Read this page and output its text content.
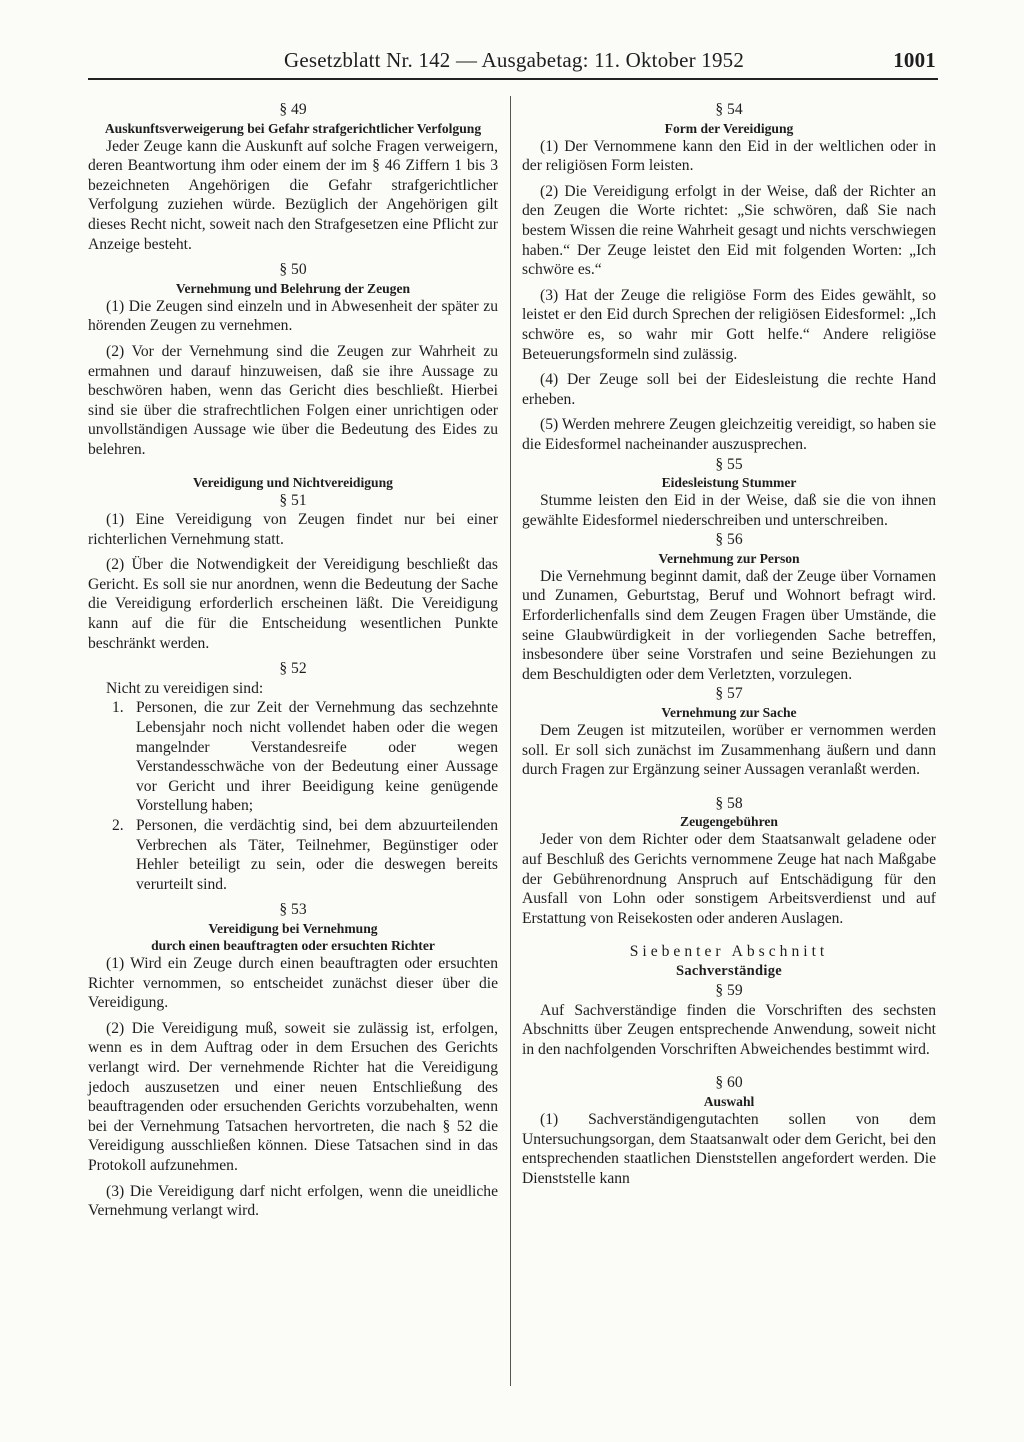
Gesetzblatt Nr. 142 — Ausgabetag: 11. Oktober 1952	1001

§ 49

Auskunftsverweigerung bei Gefahr strafgerichtlicher Verfolgung

Jeder Zeuge kann die Auskunft auf solche Fragen verweigern, deren Beantwortung ihm oder einem der im § 46 Ziffern 1 bis 3 bezeichneten Angehörigen die Gefahr strafgerichtlicher Verfolgung zuziehen würde. Bezüglich der Angehörigen gilt dieses Recht nicht, soweit nach den Strafgesetzen eine Pflicht zur Anzeige besteht.

§ 50

Vernehmung und Belehrung der Zeugen

(1) Die Zeugen sind einzeln und in Abwesenheit der später zu hörenden Zeugen zu vernehmen.

(2) Vor der Vernehmung sind die Zeugen zur Wahrheit zu ermahnen und darauf hinzuweisen, daß sie ihre Aussage zu beschwören haben, wenn das Gericht dies beschließt. Hierbei sind sie über die strafrechtlichen Folgen einer unrichtigen oder unvollständigen Aussage wie über die Bedeutung des Eides zu belehren.

Vereidigung und Nichtvereidigung

§ 51

(1) Eine Vereidigung von Zeugen findet nur bei einer richterlichen Vernehmung statt.

(2) Über die Notwendigkeit der Vereidigung beschließt das Gericht. Es soll sie nur anordnen, wenn die Bedeutung der Sache die Vereidigung erforderlich erscheinen läßt. Die Vereidigung kann auf die für die Entscheidung wesentlichen Punkte beschränkt werden.

§ 52

Nicht zu vereidigen sind:

1. Personen, die zur Zeit der Vernehmung das sechzehnte Lebensjahr noch nicht vollendet haben oder die wegen mangelnder Verstandesreife oder wegen Verstandesschwäche von der Bedeutung einer Aussage vor Gericht und ihrer Beeidigung keine genügende Vorstellung haben;
2. Personen, die verdächtig sind, bei dem abzuurteilenden Verbrechen als Täter, Teilnehmer, Begünstiger oder Hehler beteiligt zu sein, oder die deswegen bereits verurteilt sind.

§ 53

Vereidigung bei Vernehmung

durch einen beauftragten oder ersuchten Richter

(1) Wird ein Zeuge durch einen beauftragten oder ersuchten Richter vernommen, so entscheidet zunächst dieser über die Vereidigung.

(2) Die Vereidigung muß, soweit sie zulässig ist, erfolgen, wenn es in dem Auftrag oder in dem Ersuchen des Gerichts verlangt wird. Der vernehmende Richter hat die Vereidigung jedoch auszusetzen und einer neuen Entschließung des beauftragenden oder ersuchenden Gerichts vorzubehalten, wenn bei der Vernehmung Tatsachen hervortreten, die nach § 52 die Vereidigung ausschließen können. Diese Tatsachen sind in das Protokoll aufzunehmen.

(3) Die Vereidigung darf nicht erfolgen, wenn die uneidliche Vernehmung verlangt wird.

§ 54

Form der Vereidigung

(1) Der Vernommene kann den Eid in der weltlichen oder in der religiösen Form leisten.

(2) Die Vereidigung erfolgt in der Weise, daß der Richter an den Zeugen die Worte richtet: „Sie schwören, daß Sie nach bestem Wissen die reine Wahrheit gesagt und nichts verschwiegen haben.“ Der Zeuge leistet den Eid mit folgenden Worten: „Ich schwöre es.“

(3) Hat der Zeuge die religiöse Form des Eides gewählt, so leistet er den Eid durch Sprechen der religiösen Eidesformel: „Ich schwöre es, so wahr mir Gott helfe.“ Andere religiöse Beteuerungsformeln sind zulässig.

(4) Der Zeuge soll bei der Eidesleistung die rechte Hand erheben.

(5) Werden mehrere Zeugen gleichzeitig vereidigt, so haben sie die Eidesformel nacheinander auszusprechen.

§ 55

Eidesleistung Stummer

Stumme leisten den Eid in der Weise, daß sie die von ihnen gewählte Eidesformel niederschreiben und unterschreiben.

§ 56

Vernehmung zur Person

Die Vernehmung beginnt damit, daß der Zeuge über Vornamen und Zunamen, Geburtstag, Beruf und Wohnort befragt wird. Erforderlichenfalls sind dem Zeugen Fragen über Umstände, die seine Glaubwürdigkeit in der vorliegenden Sache betreffen, insbesondere über seine Vorstrafen und seine Beziehungen zu dem Beschuldigten oder dem Verletzten, vorzulegen.

§ 57

Vernehmung zur Sache

Dem Zeugen ist mitzuteilen, worüber er vernommen werden soll. Er soll sich zunächst im Zusammenhang äußern und dann durch Fragen zur Ergänzung seiner Aussagen veranlaßt werden.

§ 58

Zeugengebühren

Jeder von dem Richter oder dem Staatsanwalt geladene oder auf Beschluß des Gerichts vernommene Zeuge hat nach Maßgabe der Gebührenordnung Anspruch auf Entschädigung für den Ausfall von Lohn oder sonstigem Arbeitsverdienst und auf Erstattung von Reisekosten oder anderen Auslagen.

Siebenter Abschnitt

Sachverständige

§ 59

Auf Sachverständige finden die Vorschriften des sechsten Abschnitts über Zeugen entsprechende Anwendung, soweit nicht in den nachfolgenden Vorschriften Abweichendes bestimmt wird.

§ 60

Auswahl

(1) Sachverständigengutachten sollen von dem Untersuchungsorgan, dem Staatsanwalt oder dem Gericht, bei den entsprechenden staatlichen Dienststellen angefordert werden. Die Dienststelle kann
